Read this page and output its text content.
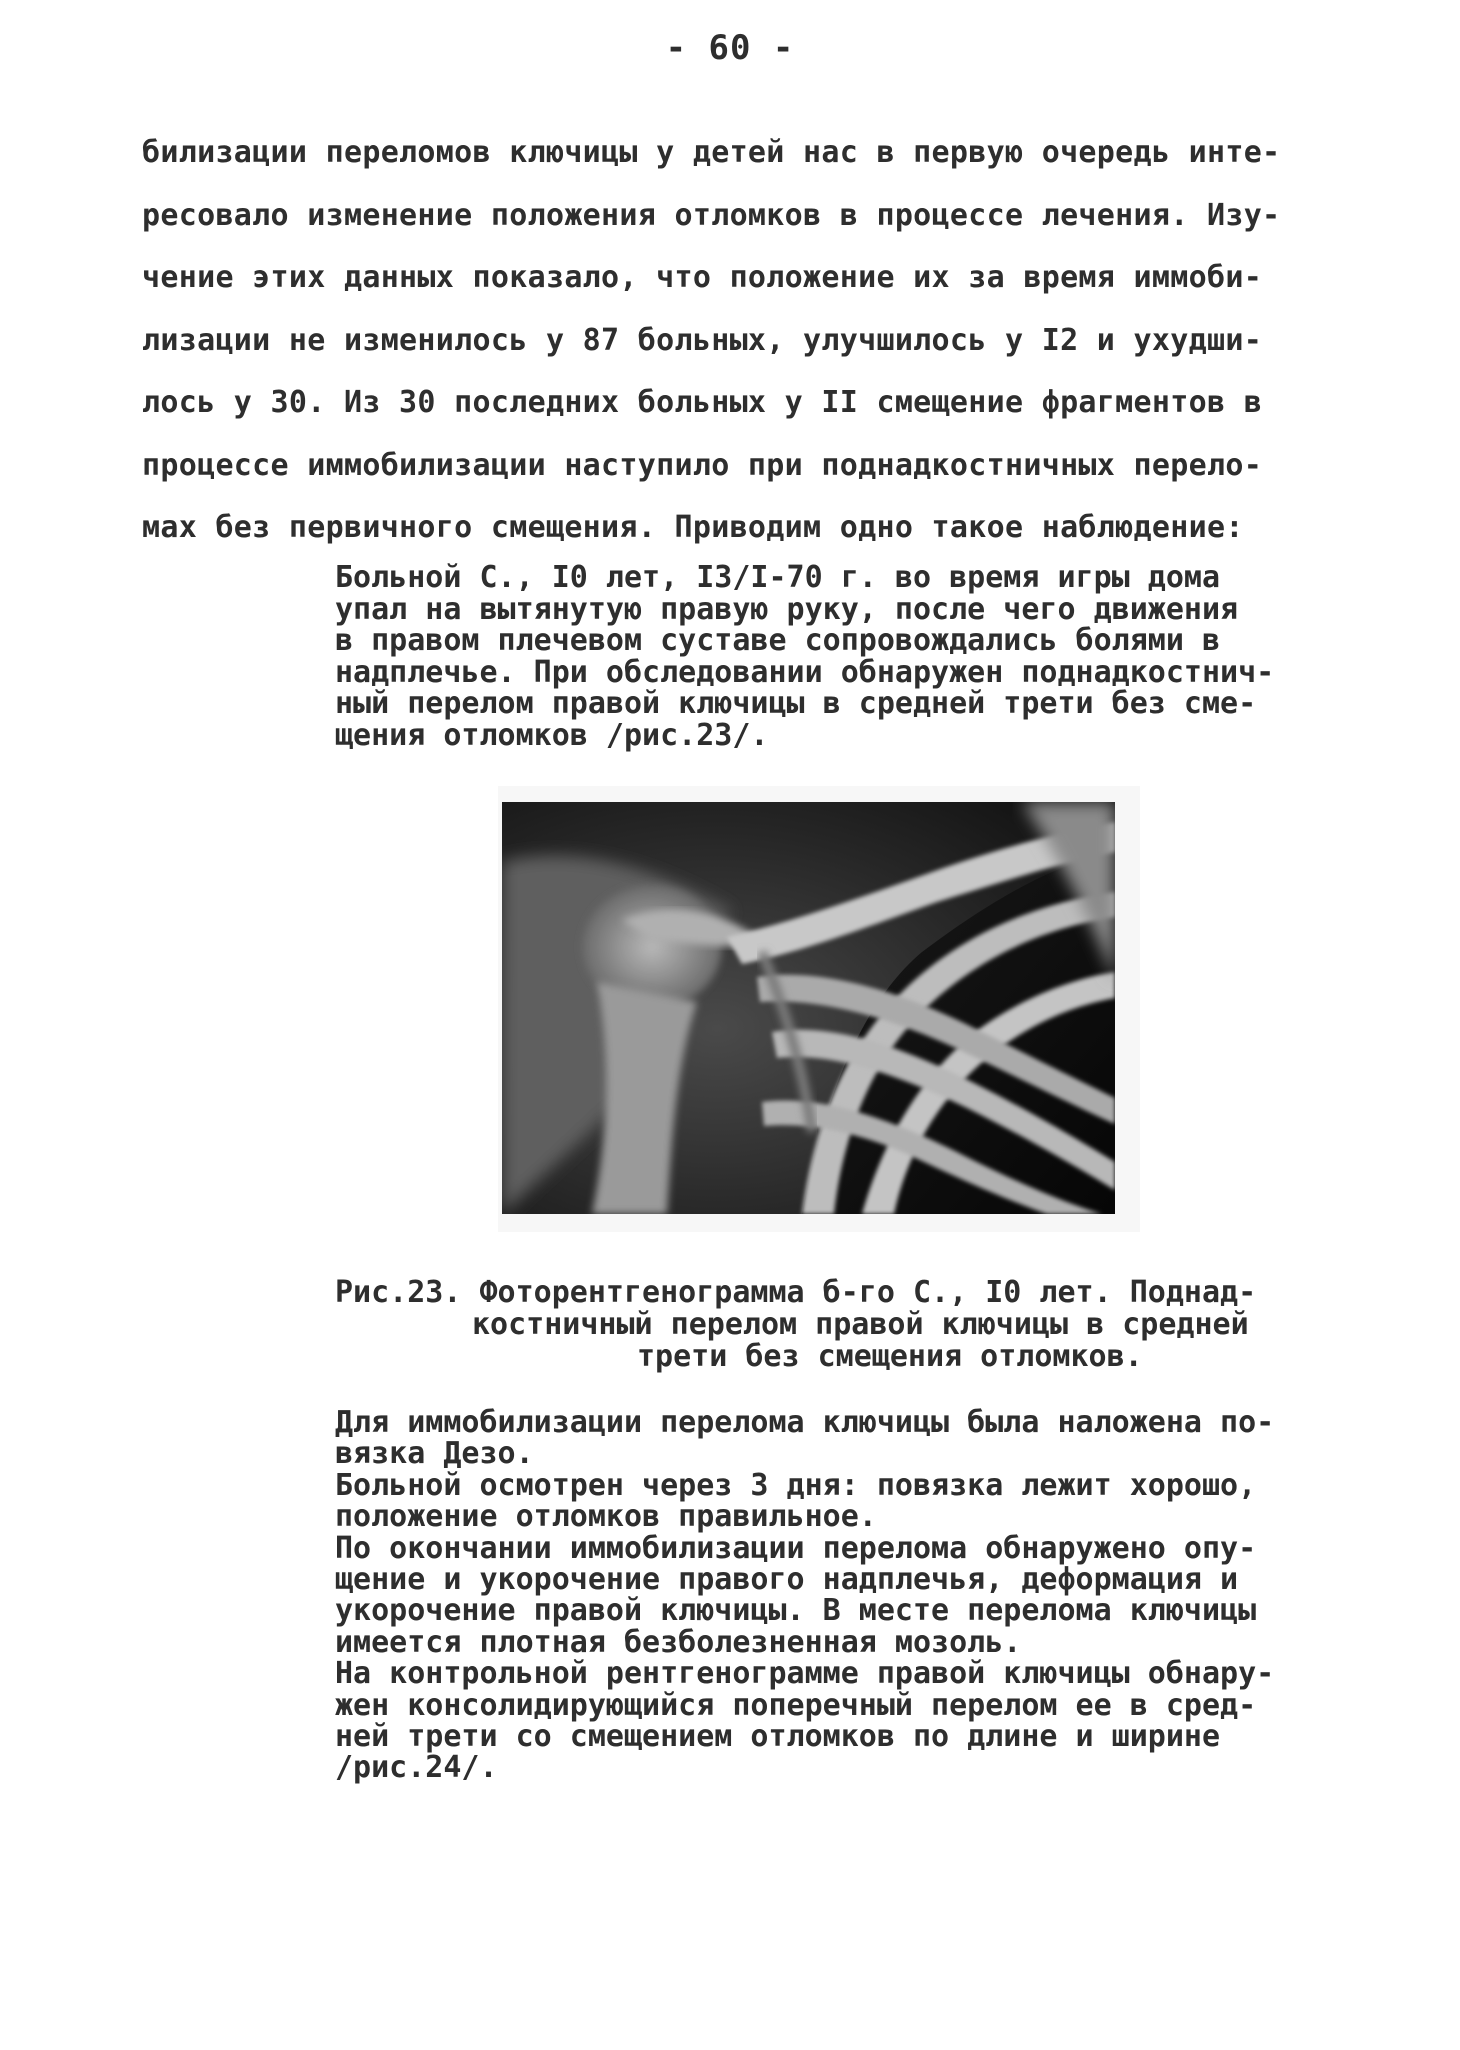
- 60 -
билизации переломов ключицы у детей нас в первую очередь инте-
ресовало изменение положения отломков в процессе лечения. Изу-
чение этих данных показало, что положение их за время иммоби-
лизации не изменилось у 87 больных, улучшилось у I2 и ухудши-
лось у 30. Из 30 последних больных у II смещение фрагментов в
процессе иммобилизации наступило при поднадкостничных перело-
мах без первичного смещения. Приводим одно такое наблюдение:
Больной С., I0 лет, I3/I-70 г. во время игры дома
упал на вытянутую правую руку, после чего движения
в правом плечевом суставе сопровождались болями в
надплечье. При обследовании обнаружен поднадкостнич-
ный перелом правой ключицы в средней трети без сме-
щения отломков /рис.23/.
Рис.23. Фоторентгенограмма б-го С., I0 лет. Поднад-
костничный перелом правой ключицы в средней
трети без смещения отломков.
Для иммобилизации перелома ключицы была наложена по-
вязка Дезо.
Больной осмотрен через 3 дня: повязка лежит хорошо,
положение отломков правильное.
По окончании иммобилизации перелома обнаружено опу-
щение и укорочение правого надплечья, деформация и
укорочение правой ключицы. В месте перелома ключицы
имеется плотная безболезненная мозоль.
На контрольной рентгенограмме правой ключицы обнару-
жен консолидирующийся поперечный перелом ее в сред-
ней трети со смещением отломков по длине и ширине
/рис.24/.
